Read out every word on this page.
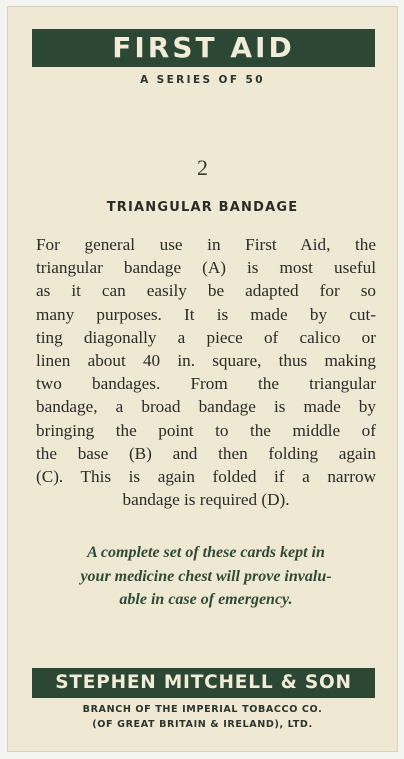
FIRST AID
A SERIES OF 50
2
TRIANGULAR BANDAGE
For general use in First Aid, the
triangular bandage (A) is most useful
as it can easily be adapted for so
many purposes. It is made by cut-
ting diagonally a piece of calico or
linen about 40 in. square, thus making
two bandages. From the triangular
bandage, a broad bandage is made by
bringing the point to the middle of
the base (B) and then folding again
(C). This is again folded if a narrow
bandage is required (D).
A complete set of these cards kept in
your medicine chest will prove invalu-
able in case of emergency.
STEPHEN MITCHELL & SON
BRANCH OF THE IMPERIAL TOBACCO CO.
(OF GREAT BRITAIN & IRELAND), LTD.
